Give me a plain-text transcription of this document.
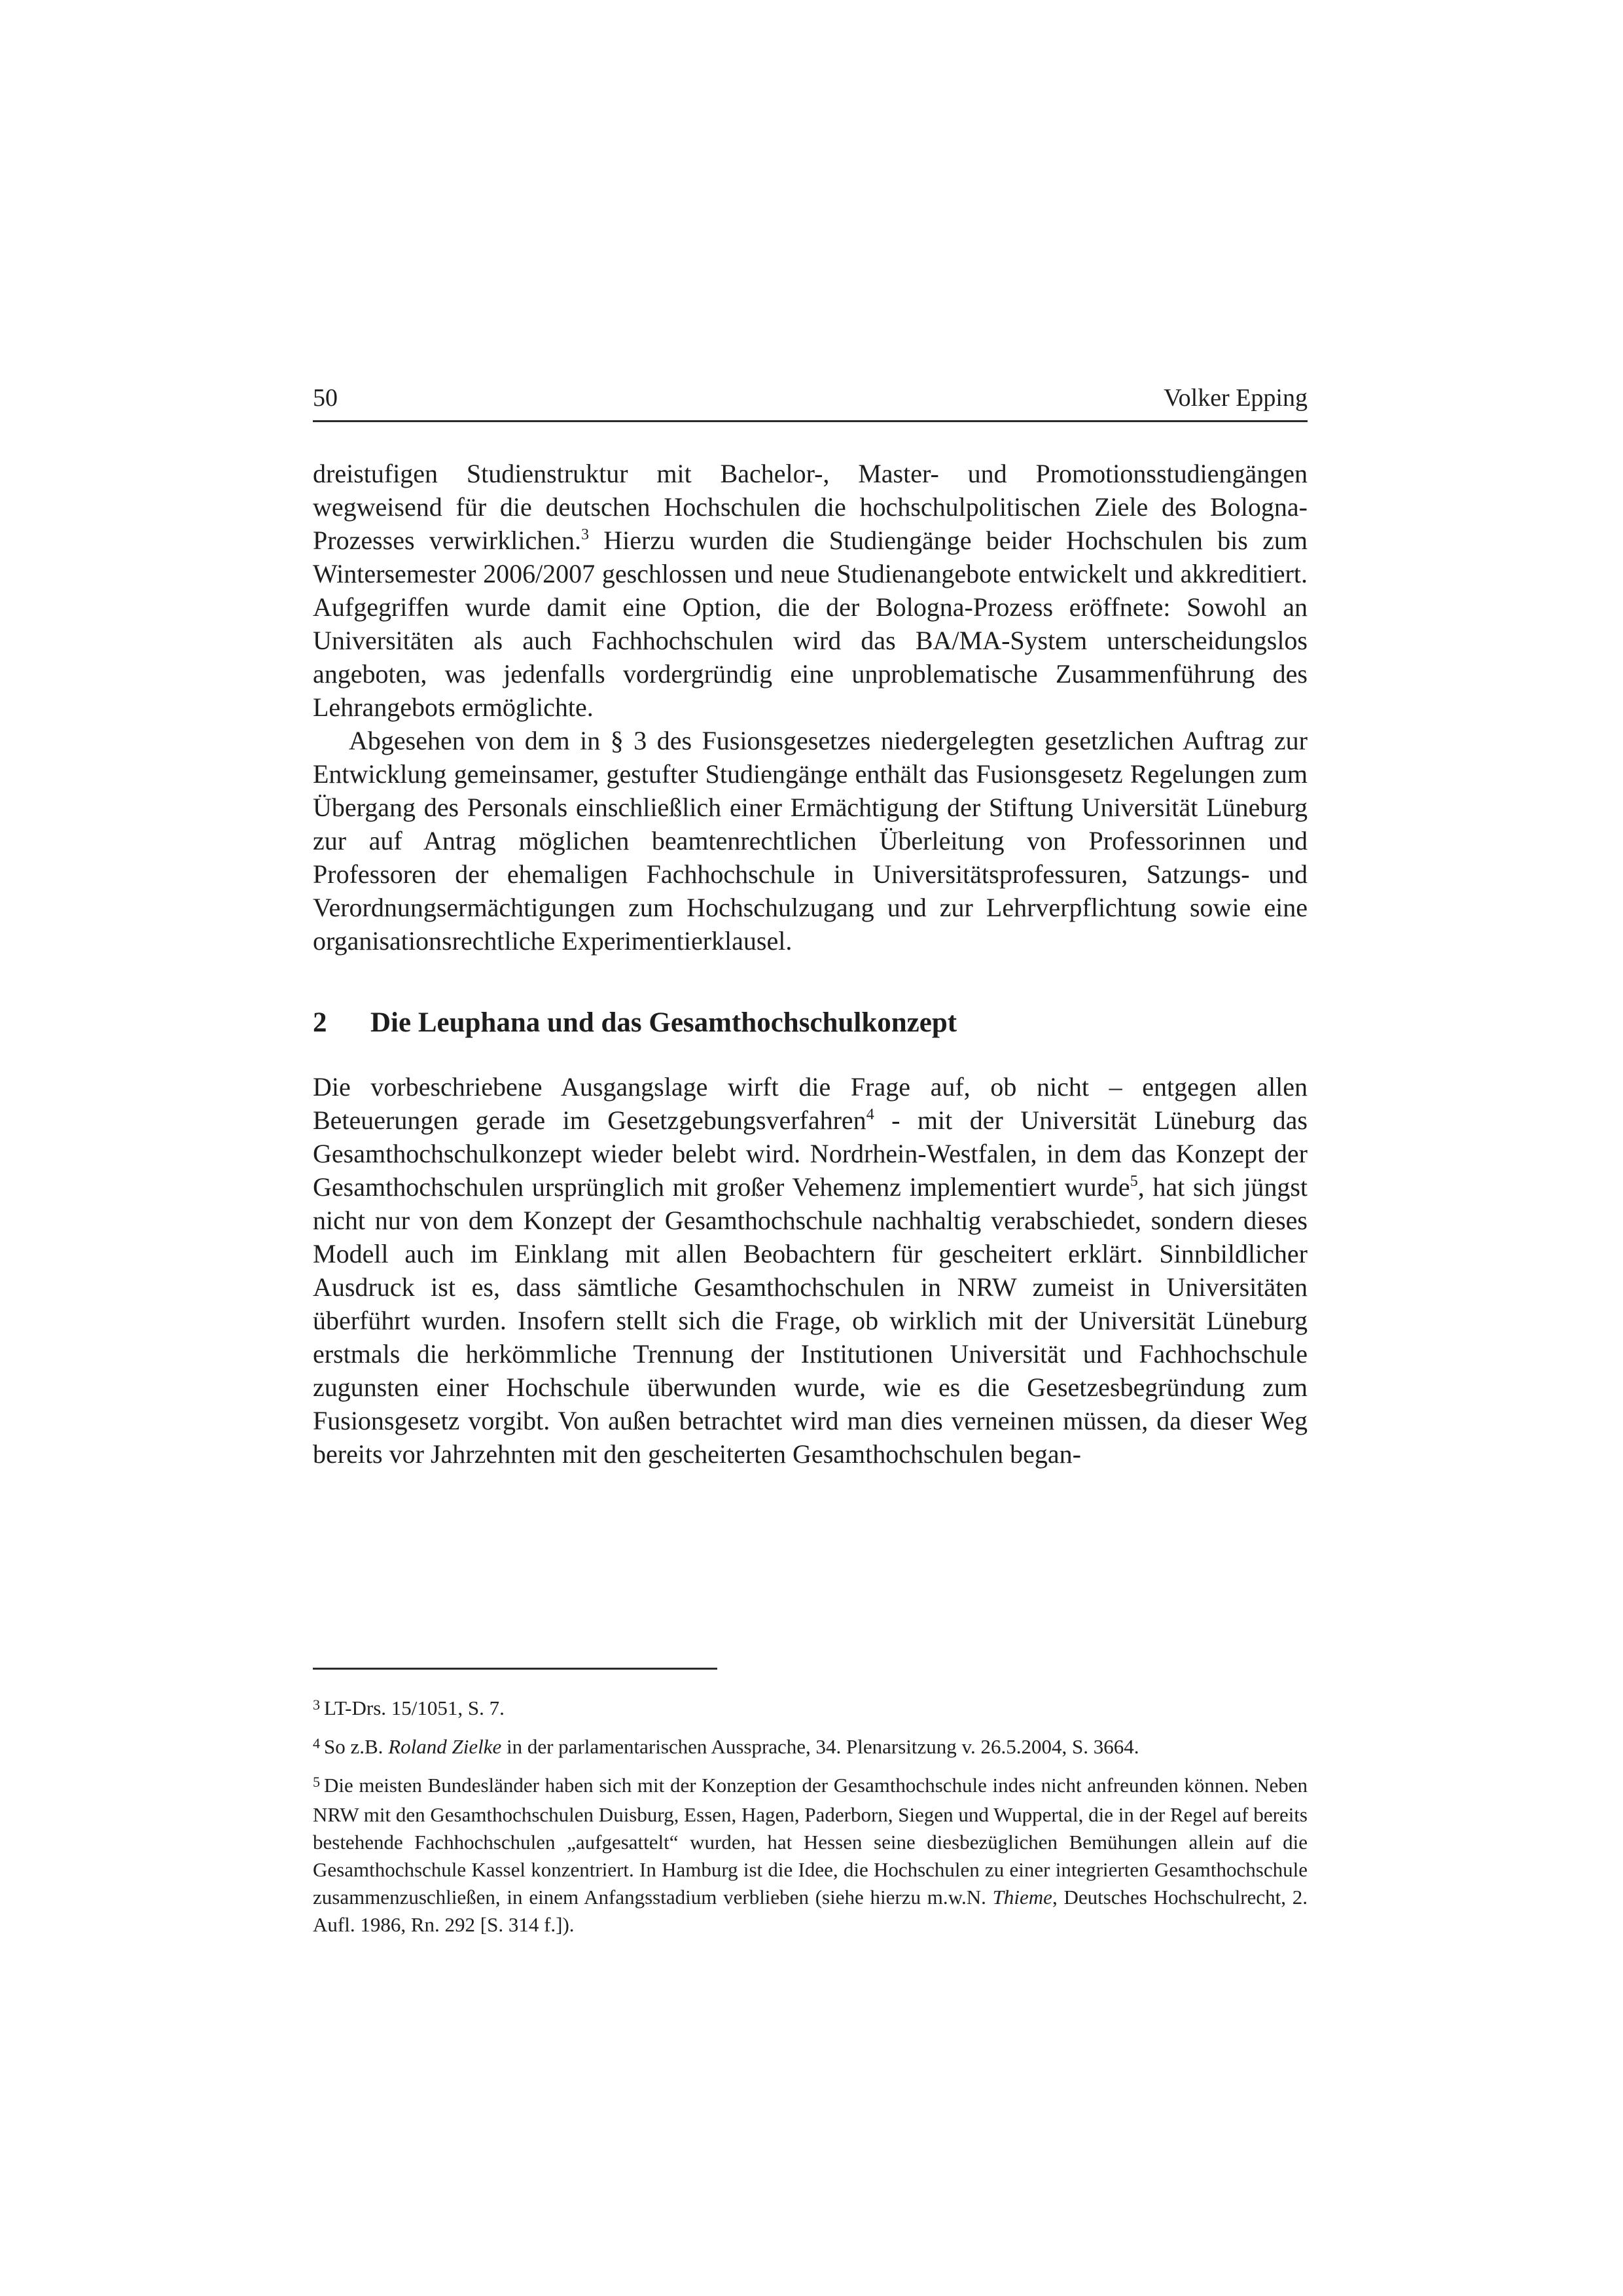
50	Volker Epping

dreistufigen Studienstruktur mit Bachelor-, Master- und Promotionsstudiengängen wegweisend für die deutschen Hochschulen die hochschulpolitischen Ziele des Bologna-Prozesses verwirklichen.$^3$ Hierzu wurden die Studiengänge beider Hochschulen bis zum Wintersemester 2006/2007 geschlossen und neue Studienangebote entwickelt und akkreditiert. Aufgegriffen wurde damit eine Option, die der Bologna-Prozess eröffnete: Sowohl an Universitäten als auch Fachhochschulen wird das BA/MA-System unterscheidungslos angeboten, was jedenfalls vordergründig eine unproblematische Zusammenführung des Lehrangebots ermöglichte.

Abgesehen von dem in § 3 des Fusionsgesetzes niedergelegten gesetzlichen Auftrag zur Entwicklung gemeinsamer, gestufter Studiengänge enthält das Fusionsgesetz Regelungen zum Übergang des Personals einschließlich einer Ermächtigung der Stiftung Universität Lüneburg zur auf Antrag möglichen beamtenrechtlichen Überleitung von Professorinnen und Professoren der ehemaligen Fachhochschule in Universitätsprofessuren, Satzungs- und Verordnungsermächtigungen zum Hochschulzugang und zur Lehrverpflichtung sowie eine organisationsrechtliche Experimentierklausel.

2	Die Leuphana und das Gesamthochschulkonzept

Die vorbeschriebene Ausgangslage wirft die Frage auf, ob nicht – entgegen allen Beteuerungen gerade im Gesetzgebungsverfahren$^4$ - mit der Universität Lüneburg das Gesamthochschulkonzept wieder belebt wird. Nordrhein-Westfalen, in dem das Konzept der Gesamthochschulen ursprünglich mit großer Vehemenz implementiert wurde$^5$, hat sich jüngst nicht nur von dem Konzept der Gesamthochschule nachhaltig verabschiedet, sondern dieses Modell auch im Einklang mit allen Beobachtern für gescheitert erklärt. Sinnbildlicher Ausdruck ist es, dass sämtliche Gesamthochschulen in NRW zumeist in Universitäten überführt wurden. Insofern stellt sich die Frage, ob wirklich mit der Universität Lüneburg erstmals die herkömmliche Trennung der Institutionen Universität und Fachhochschule zugunsten einer Hochschule überwunden wurde, wie es die Gesetzesbegründung zum Fusionsgesetz vorgibt. Von außen betrachtet wird man dies verneinen müssen, da dieser Weg bereits vor Jahrzehnten mit den gescheiterten Gesamthochschulen began-

$^3$ LT-Drs. 15/1051, S. 7.

$^4$ So z.B. Roland Zielke in der parlamentarischen Aussprache, 34. Plenarsitzung v. 26.5.2004, S. 3664.

$^5$ Die meisten Bundesländer haben sich mit der Konzeption der Gesamthochschule indes nicht anfreunden können. Neben NRW mit den Gesamthochschulen Duisburg, Essen, Hagen, Paderborn, Siegen und Wuppertal, die in der Regel auf bereits bestehende Fachhochschulen „aufgesattelt“ wurden, hat Hessen seine diesbezüglichen Bemühungen allein auf die Gesamthochschule Kassel konzentriert. In Hamburg ist die Idee, die Hochschulen zu einer integrierten Gesamthochschule zusammenzuschließen, in einem Anfangsstadium verblieben (siehe hierzu m.w.N. Thieme, Deutsches Hochschulrecht, 2. Aufl. 1986, Rn. 292 [S. 314 f.]).
